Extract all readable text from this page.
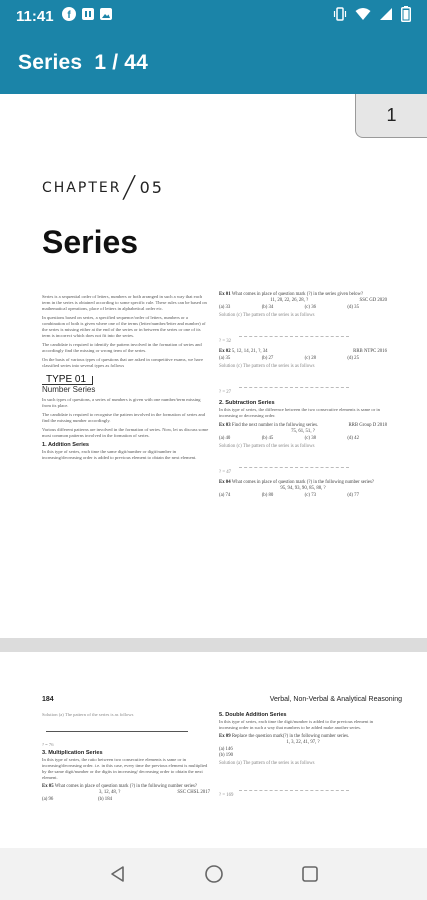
11:41 f
Series  1 / 44
1
CHAPTER / 05
Series

Series is a sequential order of letters, numbers or both arranged in such a way that each term in the series is obtained according to some specific rule. These rules can be based on mathematical operations, place of letters in alphabetical order etc.

In questions based on series, a specified sequence/order of letters, numbers or a combination of both is given where one of the terms (letter/number/letter and number) of the series is missing either at the end of the series or in between the series or one of its term is incorrect which does not fit into the series.

The candidate is required to identify the pattern involved in the formation of series and accordingly find the missing or wrong term of the series.

On the basis of various types of questions that are asked in competitive exams, we have classified series into several types as follows

TYPE 01
Number Series

In such types of questions, a series of numbers is given with one number/term missing from its place.

The candidate is required to recognise the pattern involved in the formation of series and find the missing number accordingly.

Various different patterns are involved in the formation of series. Now, let us discuss some most common patterns involved in the formation of series.

1. Addition Series

In this type of series, each time the same digit/number or digit/number in increasing/decreasing order is added to previous element to obtain the next element.

Ex 01 What comes in place of question mark (?) in the series given below?
SSC GD 2020
11, 20, 22, 26, 28, ?
(a) 33	(b) 34	(c) 36	(d) 35
Solution (c) The pattern of the series is as follows
? = 32
Ex 02 5, 12, 14, 21, ?, 34	RRB NTPC 2016
(a) 35	(b) 27	(c) 28	(d) 25
Solution (c) The pattern of the series is as follows
? = 27
2. Subtraction Series

In this type of series, the difference between the two consecutive elements is same or in increasing or decreasing order.

Ex 03 Find the next number in the following series.	RRB Group D 2018
75, 61, 51, ?
(a) 40	(b) 45	(c) 38	(d) 42
Solution (c) The pattern of the series is as follows
? = 47
Ex 04 What comes in place of question mark (?) in the following number series?
95, 94, 93, 90, 85, 88, ?
(a) 74	(b) 80	(c) 73	(d) 77
184	Verbal, Non-Verbal & Analytical Reasoning
Solution (a) The pattern of the series is as follows
? = 76
3. Multiplication Series

In this type of series, the ratio between two consecutive elements is same or in increasing/decreasing order. i.e. in this case, every time the previous element is multiplied by the same digit/number or the digits in increasing/ decreasing order to obtain the next element.

Ex 05 What comes in place of question mark (?) in the following number series?
SSC CHSL 2017
3, 12, 48, ?
(a) 96	(b) 184
5. Double Addition Series

In this type of series, each time the digit/number is added to the previous element in increasing order in such a way that numbers to be added make another series.

Ex 09 Replace the question mark(?) in the following number series.
1, 3, 22, 41, 97, ?
(a) 146
(b) 190
Solution (a) The pattern of the series is as follows
? = 169
